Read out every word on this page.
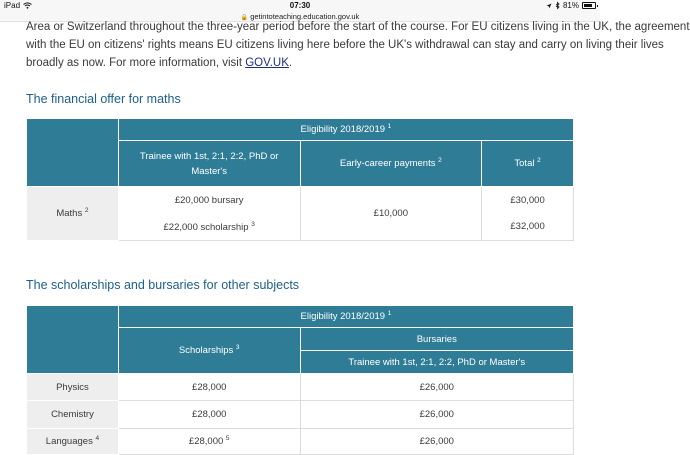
iPad	07:30	81%
🔒 getintoteaching.education.gov.uk
Area or Switzerland throughout the three-year period before the start of the course. For EU citizens living in the UK, the agreement
with the EU on citizens' rights means EU citizens living here before the UK's withdrawal can stay and carry on living their lives
broadly as now. For more information, visit GOV.UK.
The financial offer for maths
	Eligibility 2018/2019 $^1$
	Trainee with 1st, 2:1, 2:2, PhD or Master's	Early-career payments $^2$	Total $^2$
Maths $^2$	£20,000 bursary	£10,000	£30,000
	£22,000 scholarship $^3$		£32,000
The scholarships and bursaries for other subjects
	Eligibility 2018/2019 $^1$
	Scholarships $^3$	Bursaries
		Trainee with 1st, 2:1, 2:2, PhD or Master's
Physics	£28,000	£26,000
Chemistry	£28,000	£26,000
Languages $^4$	£28,000 $^5$	£26,000
